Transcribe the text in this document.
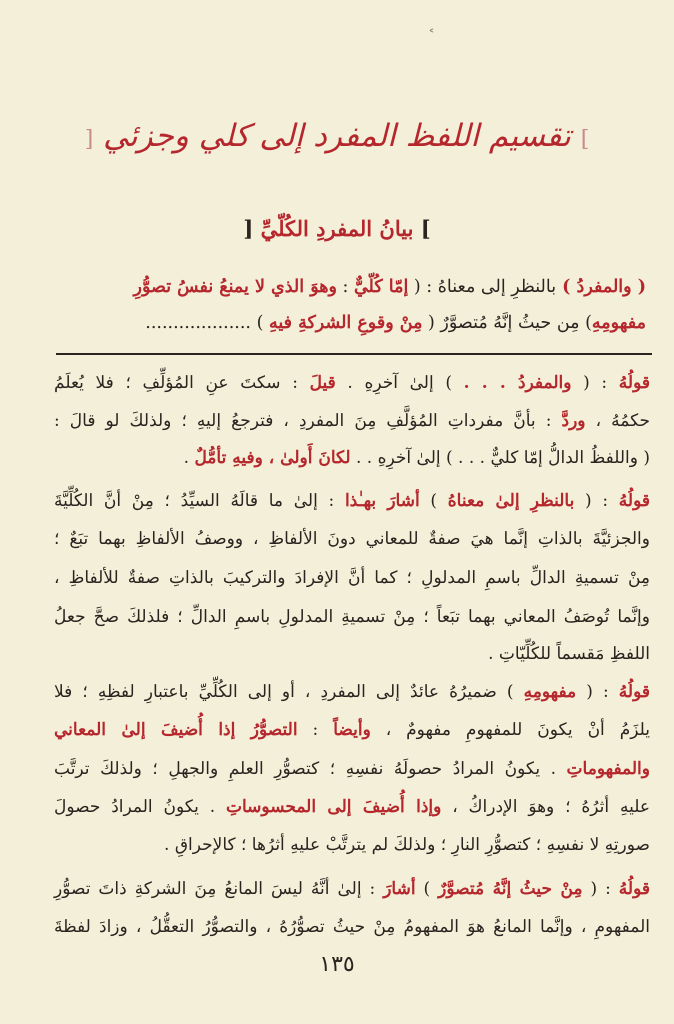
˂
] تقسيم اللفظ المفرد إلى كلي وجزئي [
] بيانُ المفردِ الكُلّيِّ [
( والمفردُ ) بالنظرِ إلى معناهُ : ( إمّا كُلّيٌّ : وهوَ الذي لا يمنعُ نفسُ تصوُّرِ
مفهومِهِ) مِن حيثُ إنَّهُ مُتصوَّرٌ ( مِنْ وقوعِ الشركةِ فيهِ ) ...................
قولُهُ : ( والمفردُ . . . ) إلىٰ آخرِهِ . قيلَ : سكتَ عنِ المُؤلِّفِ ؛ فلا يُعلَمُ
حكمُهُ ، وردَّ : بأنَّ مفرداتِ المُؤلَّفِ مِنَ المفردِ ، فترجعُ إليهِ ؛ ولذلكَ لو قالَ :
( واللفظُ الدالُّ إمّا كليٌّ . . . ) إلىٰ آخرِهِ . . لكانَ أَولىٰ ، وفيهِ تأمُّلٌ .
قولُهُ : ( بالنظرِ إلىٰ معناهُ ) أشارَ بهـٰذا : إلىٰ ما قالَهُ السيِّدُ ؛ مِنْ أنَّ الكُلِّيَّةَ
والجزئيَّةَ بالذاتِ إنَّما هيَ صفةٌ للمعاني دونَ الألفاظِ ، ووصفُ الألفاظِ بهما تبَعٌ ؛
مِنْ تسميةِ الدالِّ باسمِ المدلولِ ؛ كما أنَّ الإفرادَ والتركيبَ بالذاتِ صفةٌ للألفاظِ ،
وإنَّما تُوصَفُ المعاني بهما تبَعاً ؛ مِنْ تسميةِ المدلولِ باسمِ الدالِّ ؛ فلذلكَ صحَّ جعلُ
اللفظِ مَقسماً للكُلِّيّاتِ .
قولُهُ : ( مفهومِهِ ) ضميرُهُ عائدٌ إلى المفردِ ، أو إلى الكُلِّيِّ باعتبارِ لفظِهِ ؛ فلا
يلزَمُ أنْ يكونَ للمفهومِ مفهومٌ ، وأيضاً : التصوُّرُ إذا أُضيفَ إلىٰ المعاني
والمفهوماتِ . يكونُ المرادُ حصولَهُ نفسِهِ ؛ كتصوُّرِ العلمِ والجهلِ ؛ ولذلكَ ترتَّبَ
عليهِ أثرُهُ ؛ وهوَ الإدراكُ ، وإذا أُضيفَ إلى المحسوساتِ . يكونُ المرادُ حصولَ
صورتِهِ لا نفسِهِ ؛ كتصوُّرِ النارِ ؛ ولذلكَ لم يترتَّبْ عليهِ أثرُها ؛ كالإحراقِ .
قولُهُ : ( مِنْ حيثُ إنَّهُ مُتصوَّرٌ ) أشارَ : إلىٰ أنَّهُ ليسَ المانعُ مِنَ الشركةِ ذاتَ تصوُّرِ
المفهومِ ، وإنَّما المانعُ هوَ المفهومُ مِنْ حيثُ تصوُّرُهُ ، والتصوُّرُ التعقُّلُ ، وزادَ لفظةَ
١٣٥
